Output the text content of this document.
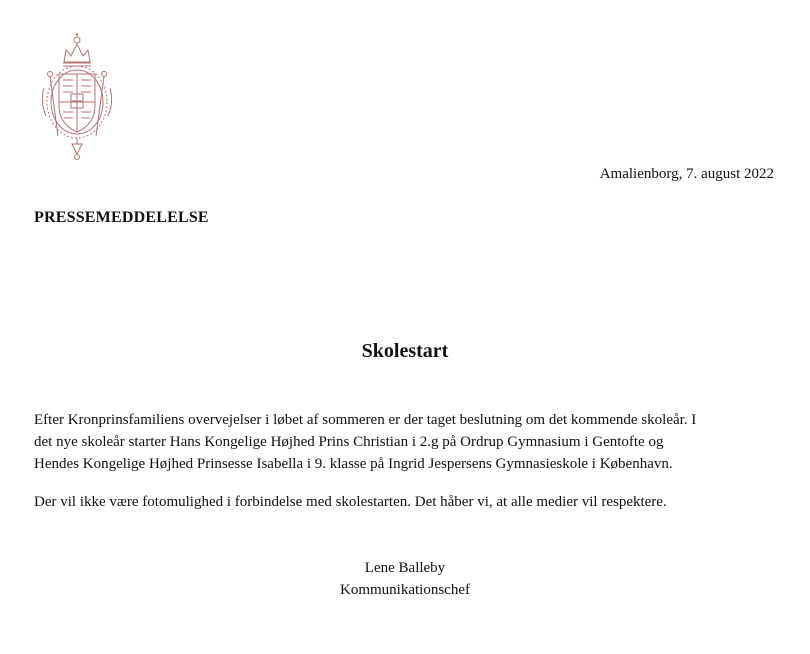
Amalienborg, 7. august 2022
PRESSEMEDDELELSE
Skolestart

Efter Kronprinsfamiliens overvejelser i løbet af sommeren er der taget beslutning om det kommende skoleår. I
det nye skoleår starter Hans Kongelige Højhed Prins Christian i 2.g på Ordrup Gymnasium i Gentofte og
Hendes Kongelige Højhed Prinsesse Isabella i 9. klasse på Ingrid Jespersens Gymnasieskole i København.

Der vil ikke være fotomulighed i forbindelse med skolestarten. Det håber vi, at alle medier vil respektere.

Lene Balleby
Kommunikationschef
